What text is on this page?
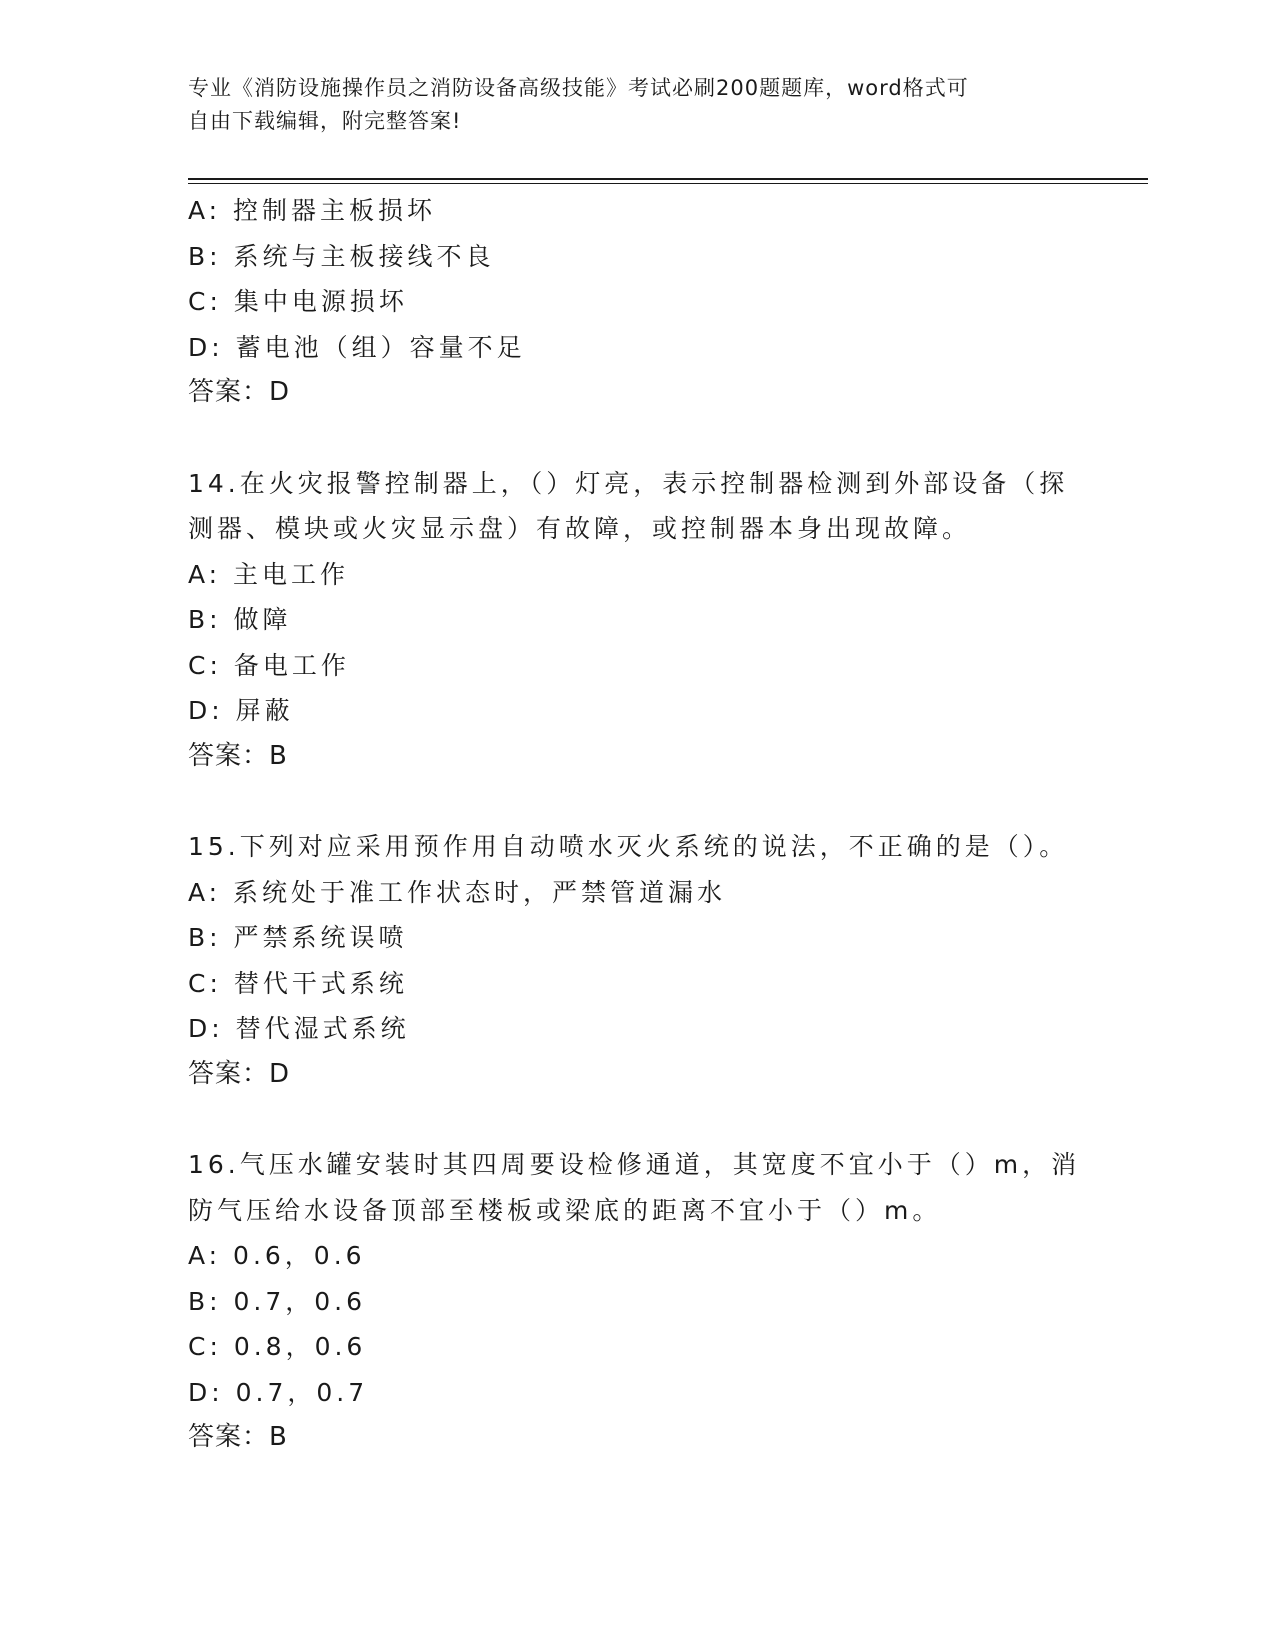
专业《消防设施操作员之消防设备高级技能》考试必刷200题题库，word格式可
自由下载编辑，附完整答案!
A: 控制器主板损坏
B: 系统与主板接线不良
C: 集中电源损坏
D: 蓄电池（组）容量不足
答案：D
14.在火灾报警控制器上，（）灯亮，表示控制器检测到外部设备（探
测器、模块或火灾显示盘）有故障，或控制器本身出现故障。
A: 主电工作
B: 做障
C: 备电工作
D: 屏蔽
答案：B
15.下列对应采用预作用自动喷水灭火系统的说法，不正确的是（）。
A: 系统处于准工作状态时，严禁管道漏水
B: 严禁系统误喷
C: 替代干式系统
D: 替代湿式系统
答案：D
16.气压水罐安装时其四周要设检修通道，其宽度不宜小于（）m，消
防气压给水设备顶部至楼板或梁底的距离不宜小于（）m。
A: 0.6，0.6
B: 0.7，0.6
C: 0.8，0.6
D: 0.7，0.7
答案：B
